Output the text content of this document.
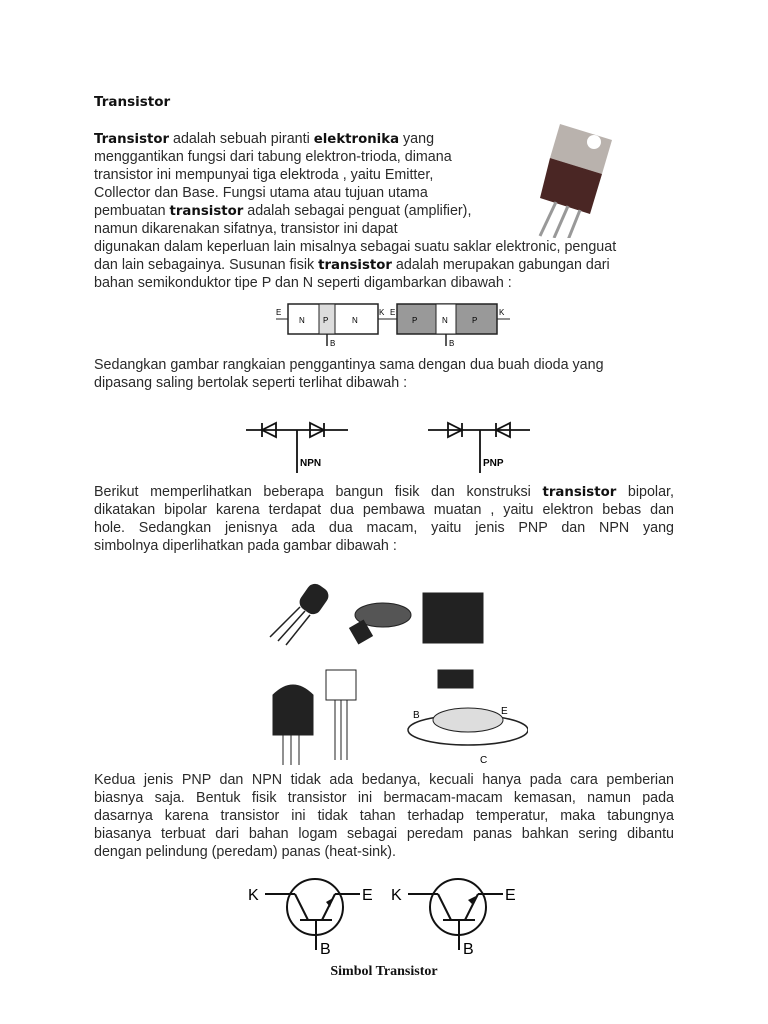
Transistor
Transistor adalah sebuah piranti elektronika yang
menggantikan fungsi dari tabung elektron-trioda, dimana
transistor ini mempunyai tiga elektroda , yaitu Emitter,
Collector dan Base. Fungsi utama atau tujuan utama
pembuatan transistor adalah sebagai penguat (amplifier),
namun dikarenakan sifatnya, transistor ini dapat
digunakan dalam keperluan lain misalnya sebagai suatu saklar elektronic, penguat
dan lain sebagainya. Susunan fisik transistor adalah merupakan gabungan dari
bahan semikonduktor tipe P dan N seperti digambarkan dibawah :
Sedangkan gambar rangkaian penggantinya sama dengan dua buah dioda yang
dipasang saling bertolak seperti terlihat dibawah :
Berikut memperlihatkan beberapa bangun fisik dan konstruksi transistor bipolar,
dikatakan bipolar karena terdapat dua pembawa muatan , yaitu elektron bebas dan
hole. Sedangkan jenisnya ada dua macam, yaitu jenis PNP dan NPN yang
simbolnya diperlihatkan pada gambar dibawah :
Kedua jenis PNP dan NPN tidak ada bedanya, kecuali hanya pada cara pemberian
biasnya saja. Bentuk fisik transistor ini bermacam-macam kemasan, namun pada
dasarnya karena transistor ini tidak tahan terhadap temperatur, maka tabungnya
biasanya terbuat dari bahan logam sebagai peredam panas bahkan sering dibantu
dengan pelindung (peredam) panas (heat-sink).
E
N P	N
K
B
E
P	N	P
K
B
NPN	PNP
B	E
C
K	E
B
K	E
B
Simbol Transistor
